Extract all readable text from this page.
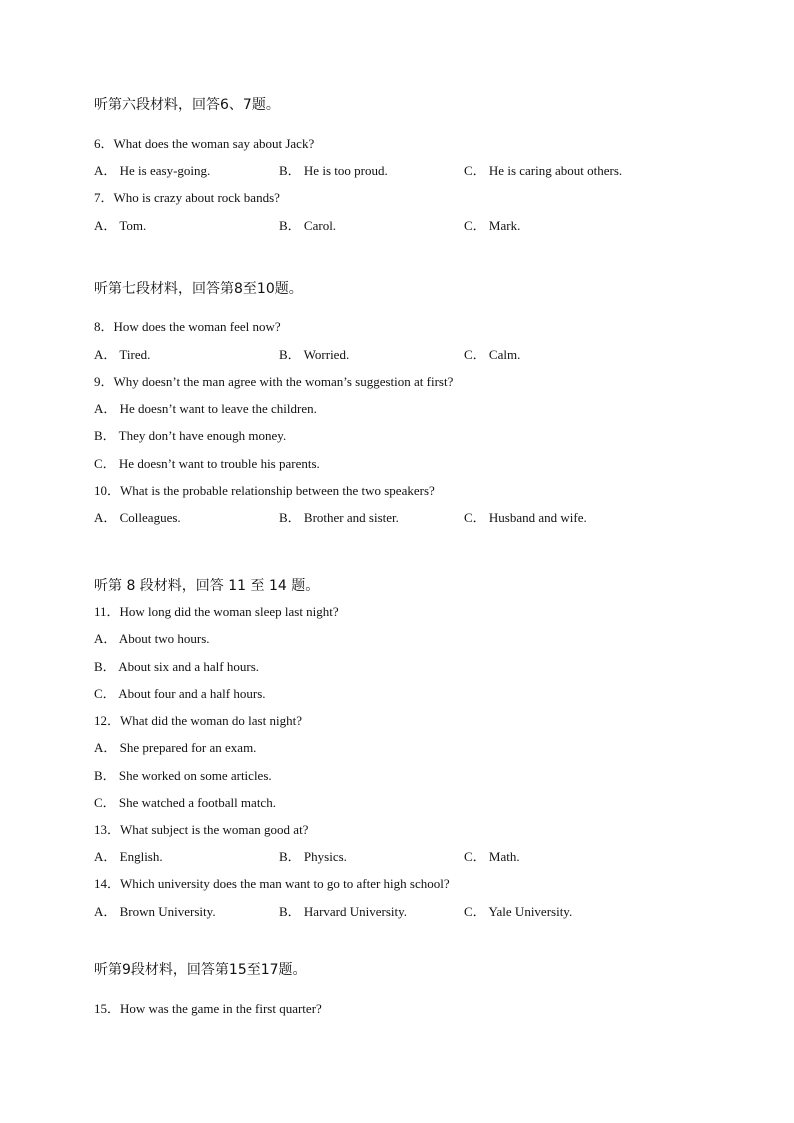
听第六段材料，回答6、7题。
6．What does the woman say about Jack?
A． He is easy-going.	B． He is too proud.	C． He is caring about others.
7．Who is crazy about rock bands?
A． Tom.	B． Carol.	C． Mark.
听第七段材料，回答第8至10题。
8．How does the woman feel now?
A． Tired.	B． Worried.	C． Calm.
9．Why doesn’t the man agree with the woman’s suggestion at first?
A． He doesn’t want to leave the children.
B． They don’t have enough money.
C． He doesn’t want to trouble his parents.
10．What is the probable relationship between the two speakers?
A． Colleagues.	B． Brother and sister.	C． Husband and wife.
听第 8 段材料，回答 11 至 14 题。
11．How long did the woman sleep last night?
A． About two hours.
B． About six and a half hours.
C． About four and a half hours.
12．What did the woman do last night?
A． She prepared for an exam.
B． She worked on some articles.
C． She watched a football match.
13．What subject is the woman good at?
A． English.	B． Physics.	C． Math.
14．Which university does the man want to go to after high school?
A． Brown University.	B． Harvard University.	C． Yale University.
听第9段材料，回答第15至17题。
15．How was the game in the first quarter?
